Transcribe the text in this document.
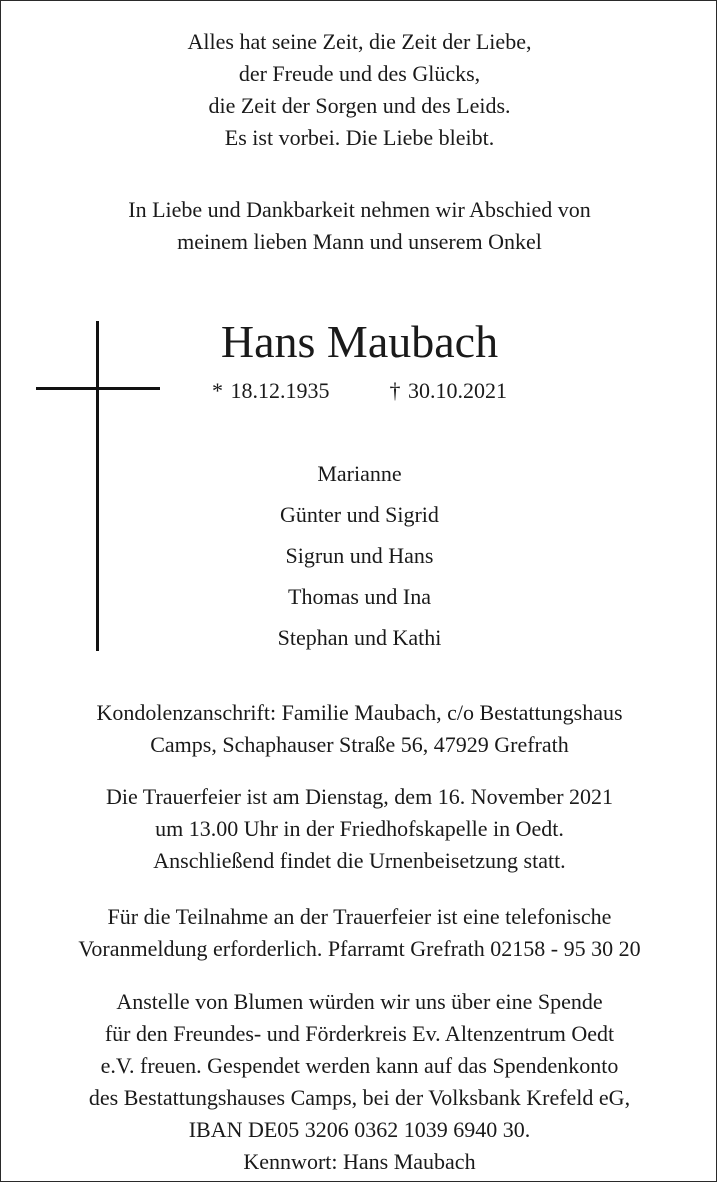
Alles hat seine Zeit, die Zeit der Liebe,
der Freude und des Glücks,
die Zeit der Sorgen und des Leids.
Es ist vorbei. Die Liebe bleibt.
In Liebe und Dankbarkeit nehmen wir Abschied von
meinem lieben Mann und unserem Onkel
Hans Maubach
* 18.12.1935	† 30.10.2021
Marianne
Günter und Sigrid
Sigrun und Hans
Thomas und Ina
Stephan und Kathi
Kondolenzanschrift: Familie Maubach, c/o Bestattungshaus
Camps, Schaphauser Straße 56, 47929 Grefrath
Die Trauerfeier ist am Dienstag, dem 16. November 2021
um 13.00 Uhr in der Friedhofskapelle in Oedt.
Anschließend findet die Urnenbeisetzung statt.
Für die Teilnahme an der Trauerfeier ist eine telefonische
Voranmeldung erforderlich. Pfarramt Grefrath 02158 - 95 30 20
Anstelle von Blumen würden wir uns über eine Spende
für den Freundes- und Förderkreis Ev. Altenzentrum Oedt
e.V. freuen. Gespendet werden kann auf das Spendenkonto
des Bestattungshauses Camps, bei der Volksbank Krefeld eG,
IBAN DE05 3206 0362 1039 6940 30.
Kennwort: Hans Maubach
